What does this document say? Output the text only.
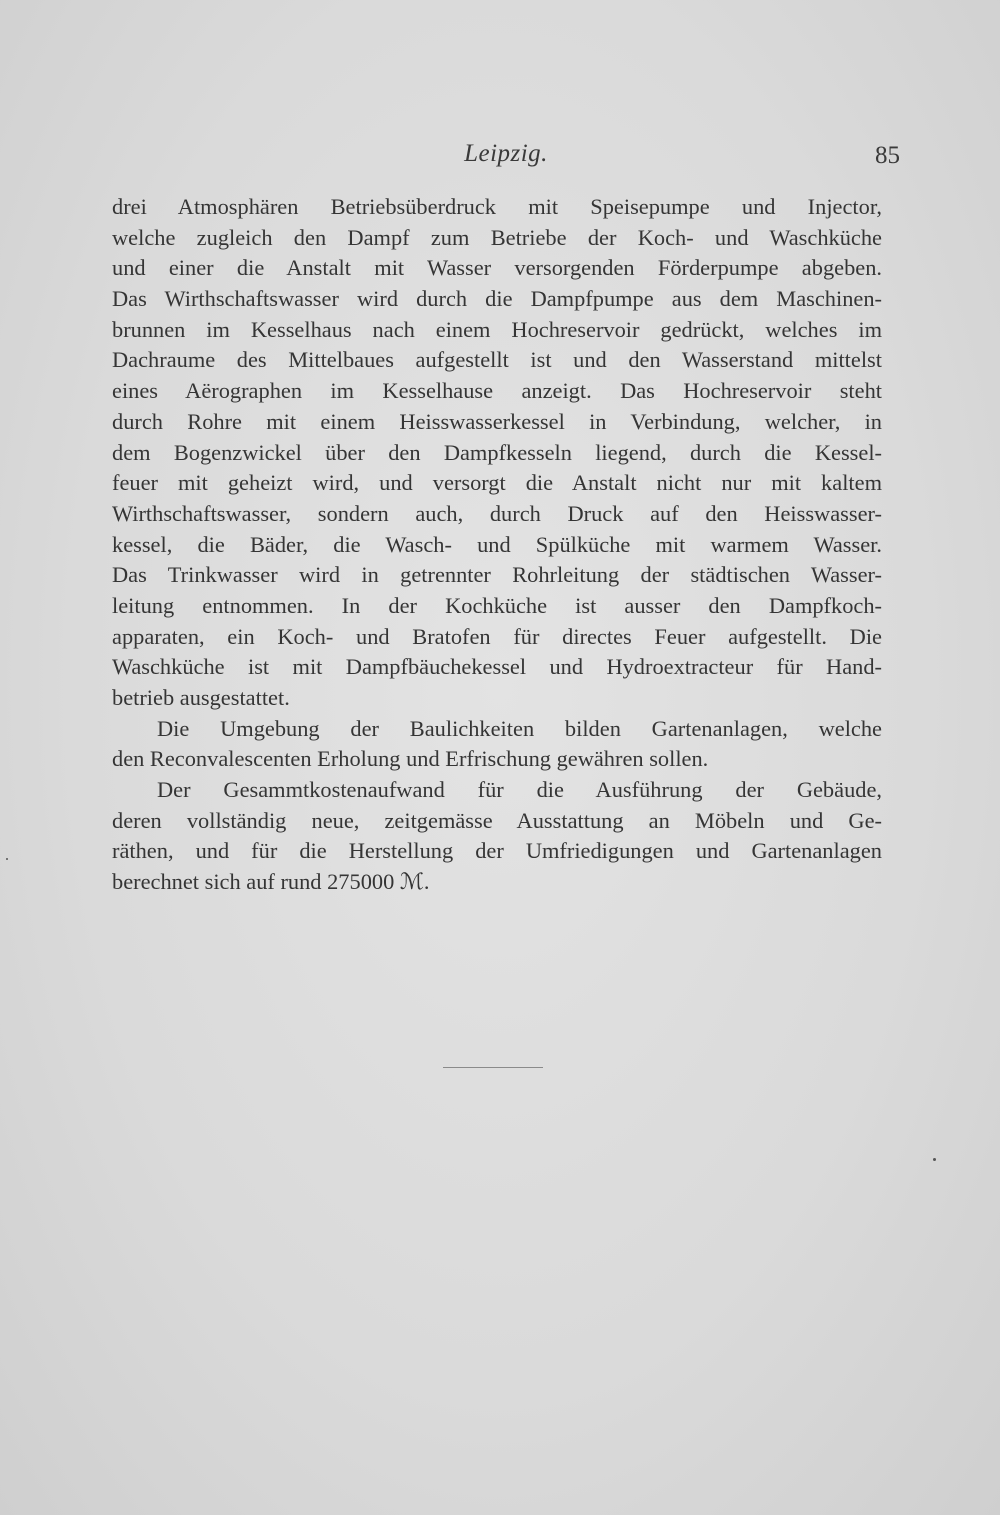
Leipzig.	85
drei Atmosphären Betriebsüberdruck mit Speisepumpe und Injector,
welche zugleich den Dampf zum Betriebe der Koch- und Waschküche
und einer die Anstalt mit Wasser versorgenden Förderpumpe abgeben.
Das Wirthschaftswasser wird durch die Dampfpumpe aus dem Maschinen-
brunnen im Kesselhaus nach einem Hochreservoir gedrückt, welches im
Dachraume des Mittelbaues aufgestellt ist und den Wasserstand mittelst
eines Aërographen im Kesselhause anzeigt. Das Hochreservoir steht
durch Rohre mit einem Heisswasserkessel in Verbindung, welcher, in
dem Bogenzwickel über den Dampfkesseln liegend, durch die Kessel-
feuer mit geheizt wird, und versorgt die Anstalt nicht nur mit kaltem
Wirthschaftswasser, sondern auch, durch Druck auf den Heisswasser-
kessel, die Bäder, die Wasch- und Spülküche mit warmem Wasser.
Das Trinkwasser wird in getrennter Rohrleitung der städtischen Wasser-
leitung entnommen. In der Kochküche ist ausser den Dampfkoch-
apparaten, ein Koch- und Bratofen für directes Feuer aufgestellt. Die
Waschküche ist mit Dampfbäuchekessel und Hydroextracteur für Hand-
betrieb ausgestattet.
Die Umgebung der Baulichkeiten bilden Gartenanlagen, welche
den Reconvalescenten Erholung und Erfrischung gewähren sollen.
Der Gesammtkostenaufwand für die Ausführung der Gebäude,
deren vollständig neue, zeitgemässe Ausstattung an Möbeln und Ge-
räthen, und für die Herstellung der Umfriedigungen und Gartenanlagen
berechnet sich auf rund 275000 ℳ.
